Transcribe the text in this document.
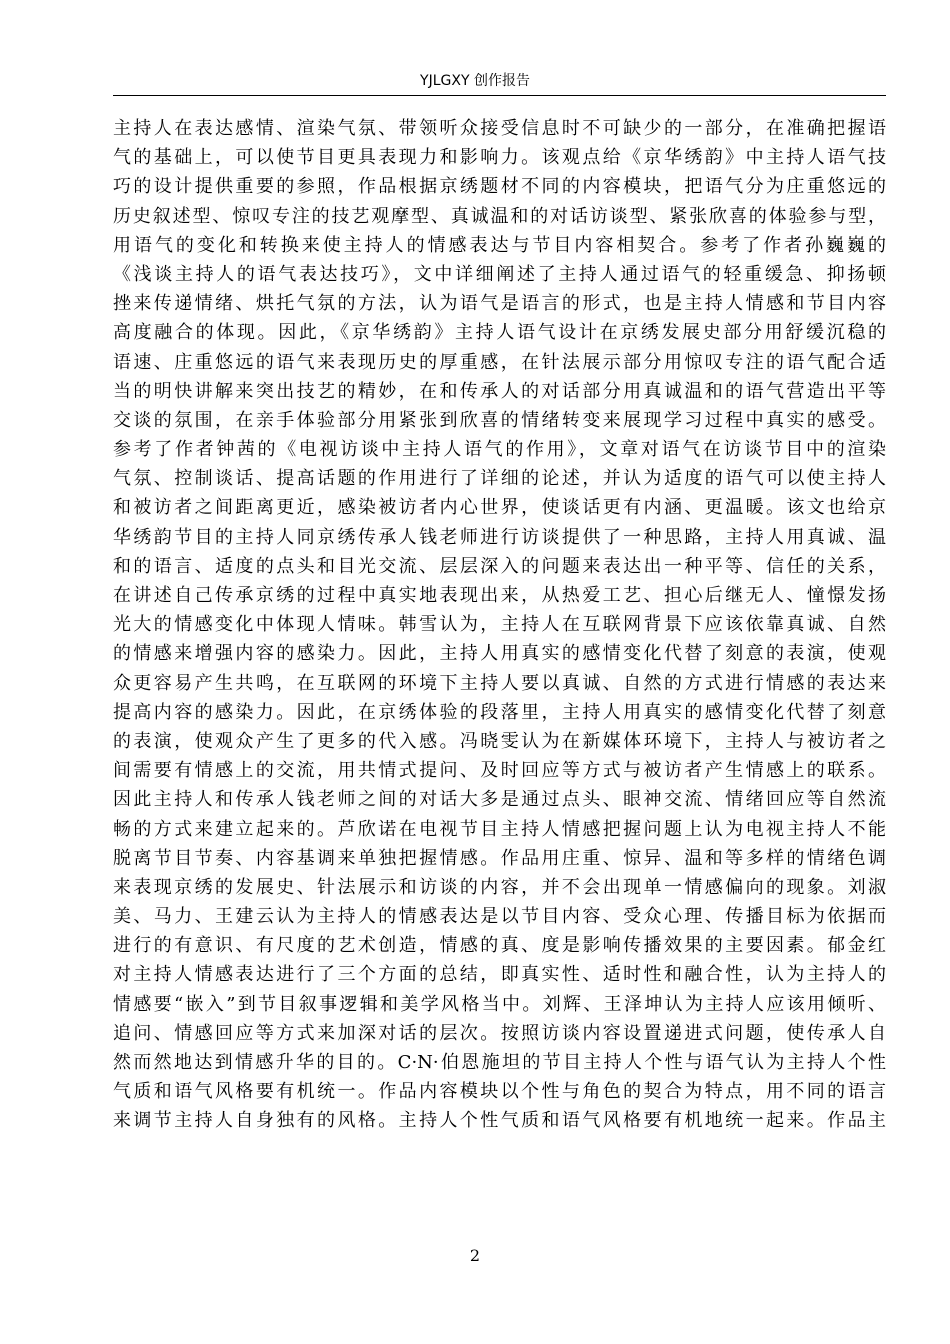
YJLGXY 创作报告
主持人在表达感情、渲染气氛、带领听众接受信息时不可缺少的一部分，在准确把握语
气的基础上，可以使节目更具表现力和影响力。该观点给《京华绣韵》中主持人语气技
巧的设计提供重要的参照，作品根据京绣题材不同的内容模块，把语气分为庄重悠远的
历史叙述型、惊叹专注的技艺观摩型、真诚温和的对话访谈型、紧张欣喜的体验参与型，
用语气的变化和转换来使主持人的情感表达与节目内容相契合。参考了作者孙巍巍的
《浅谈主持人的语气表达技巧》，文中详细阐述了主持人通过语气的轻重缓急、抑扬顿
挫来传递情绪、烘托气氛的方法，认为语气是语言的形式，也是主持人情感和节目内容
高度融合的体现。因此，《京华绣韵》主持人语气设计在京绣发展史部分用舒缓沉稳的
语速、庄重悠远的语气来表现历史的厚重感，在针法展示部分用惊叹专注的语气配合适
当的明快讲解来突出技艺的精妙，在和传承人的对话部分用真诚温和的语气营造出平等
交谈的氛围，在亲手体验部分用紧张到欣喜的情绪转变来展现学习过程中真实的感受。
参考了作者钟茜的《电视访谈中主持人语气的作用》，文章对语气在访谈节目中的渲染
气氛、控制谈话、提高话题的作用进行了详细的论述，并认为适度的语气可以使主持人
和被访者之间距离更近，感染被访者内心世界，使谈话更有内涵、更温暖。该文也给京
华绣韵节目的主持人同京绣传承人钱老师进行访谈提供了一种思路，主持人用真诚、温
和的语言、适度的点头和目光交流、层层深入的问题来表达出一种平等、信任的关系，
在讲述自己传承京绣的过程中真实地表现出来，从热爱工艺、担心后继无人、憧憬发扬
光大的情感变化中体现人情味。韩雪认为，主持人在互联网背景下应该依靠真诚、自然
的情感来增强内容的感染力。因此，主持人用真实的感情变化代替了刻意的表演，使观
众更容易产生共鸣，在互联网的环境下主持人要以真诚、自然的方式进行情感的表达来
提高内容的感染力。因此，在京绣体验的段落里，主持人用真实的感情变化代替了刻意
的表演，使观众产生了更多的代入感。冯晓雯认为在新媒体环境下，主持人与被访者之
间需要有情感上的交流，用共情式提问、及时回应等方式与被访者产生情感上的联系。
因此主持人和传承人钱老师之间的对话大多是通过点头、眼神交流、情绪回应等自然流
畅的方式来建立起来的。芦欣诺在电视节目主持人情感把握问题上认为电视主持人不能
脱离节目节奏、内容基调来单独把握情感。作品用庄重、惊异、温和等多样的情绪色调
来表现京绣的发展史、针法展示和访谈的内容，并不会出现单一情感偏向的现象。刘淑
美、马力、王建云认为主持人的情感表达是以节目内容、受众心理、传播目标为依据而
进行的有意识、有尺度的艺术创造，情感的真、度是影响传播效果的主要因素。郁金红
对主持人情感表达进行了三个方面的总结，即真实性、适时性和融合性，认为主持人的
情感要“嵌入”到节目叙事逻辑和美学风格当中。刘辉、王泽坤认为主持人应该用倾听、
追问、情感回应等方式来加深对话的层次。按照访谈内容设置递进式问题，使传承人自
然而然地达到情感升华的目的。C·N·伯恩施坦的节目主持人个性与语气认为主持人个性
气质和语气风格要有机统一。作品内容模块以个性与角色的契合为特点，用不同的语言
来调节主持人自身独有的风格。主持人个性气质和语气风格要有机地统一起来。作品主
2
